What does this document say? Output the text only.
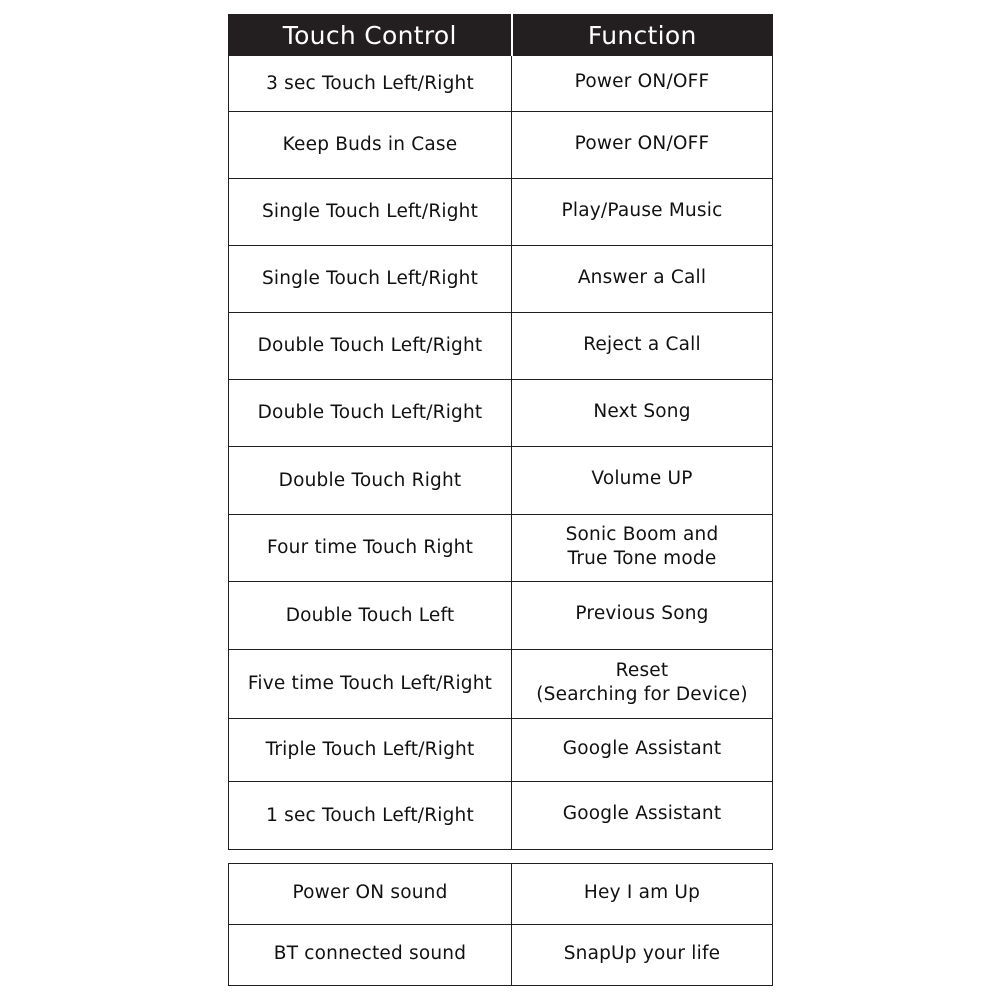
Touch Control	Function
3 sec Touch Left/Right	Power ON/OFF
Keep Buds in Case	Power ON/OFF
Single Touch Left/Right	Play/Pause Music
Single Touch Left/Right	Answer a Call
Double Touch Left/Right	Reject a Call
Double Touch Left/Right	Next Song
Double Touch Right	Volume UP
Four time Touch Right	Sonic Boom and
True Tone mode
Double Touch Left	Previous Song
Five time Touch Left/Right	Reset
(Searching for Device)
Triple Touch Left/Right	Google Assistant
1 sec Touch Left/Right	Google Assistant
Power ON sound	Hey I am Up
BT connected sound	SnapUp your life
